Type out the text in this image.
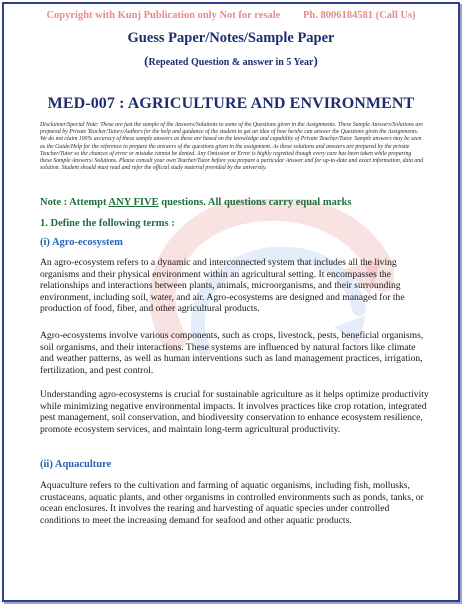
Copyright with Kunj Publication only Not for resale Ph. 8006184581 (Call Us)
Guess Paper/Notes/Sample Paper
(Repeated Question & answer in 5 Year)
MED-007 : AGRICULTURE AND ENVIRONMENT
Disclaimer/Special Note: These are just the sample of the Answers/Solutions to some of the Questions given in the Assignments. These Sample Answers/Solutions are prepared by Private Teacher/Tutors/Authors for the help and guidance of the student to get an idea of how he/she can answer the Questions given the Assignments. We do not claim 100% accuracy of these sample answers as these are based on the knowledge and capability of Private Teacher/Tutor. Sample answers may be seen as the Guide/Help for the reference to prepare the answers of the questions given in the assignment. As these solutions and answers are prepared by the private Teacher/Tutor so the chances of error or mistake cannot be denied. Any Omission or Error is highly regretted though every care has been taken while preparing these Sample Answers/ Solutions. Please consult your own Teacher/Tutor before you prepare a particular Answer and for up-to-date and exact information, data and solution. Student should must read and refer the official study material provided by the university.
Note : Attempt ANY FIVE questions. All questions carry equal marks
1. Define the following terms :
(i) Agro-ecosystem
An agro-ecosystem refers to a dynamic and interconnected system that includes all the living organisms and their physical environment within an agricultural setting. It encompasses the relationships and interactions between plants, animals, microorganisms, and their surrounding environment, including soil, water, and air. Agro-ecosystems are designed and managed for the production of food, fiber, and other agricultural products.
Agro-ecosystems involve various components, such as crops, livestock, pests, beneficial organisms, soil organisms, and their interactions. These systems are influenced by natural factors like climate and weather patterns, as well as human interventions such as land management practices, irrigation, fertilization, and pest control.
Understanding agro-ecosystems is crucial for sustainable agriculture as it helps optimize productivity while minimizing negative environmental impacts. It involves practices like crop rotation, integrated pest management, soil conservation, and biodiversity conservation to enhance ecosystem resilience, promote ecosystem services, and maintain long-term agricultural productivity.
(ii) Aquaculture
Aquaculture refers to the cultivation and farming of aquatic organisms, including fish, mollusks, crustaceans, aquatic plants, and other organisms in controlled environments such as ponds, tanks, or ocean enclosures. It involves the rearing and harvesting of aquatic species under controlled conditions to meet the increasing demand for seafood and other aquatic products.
